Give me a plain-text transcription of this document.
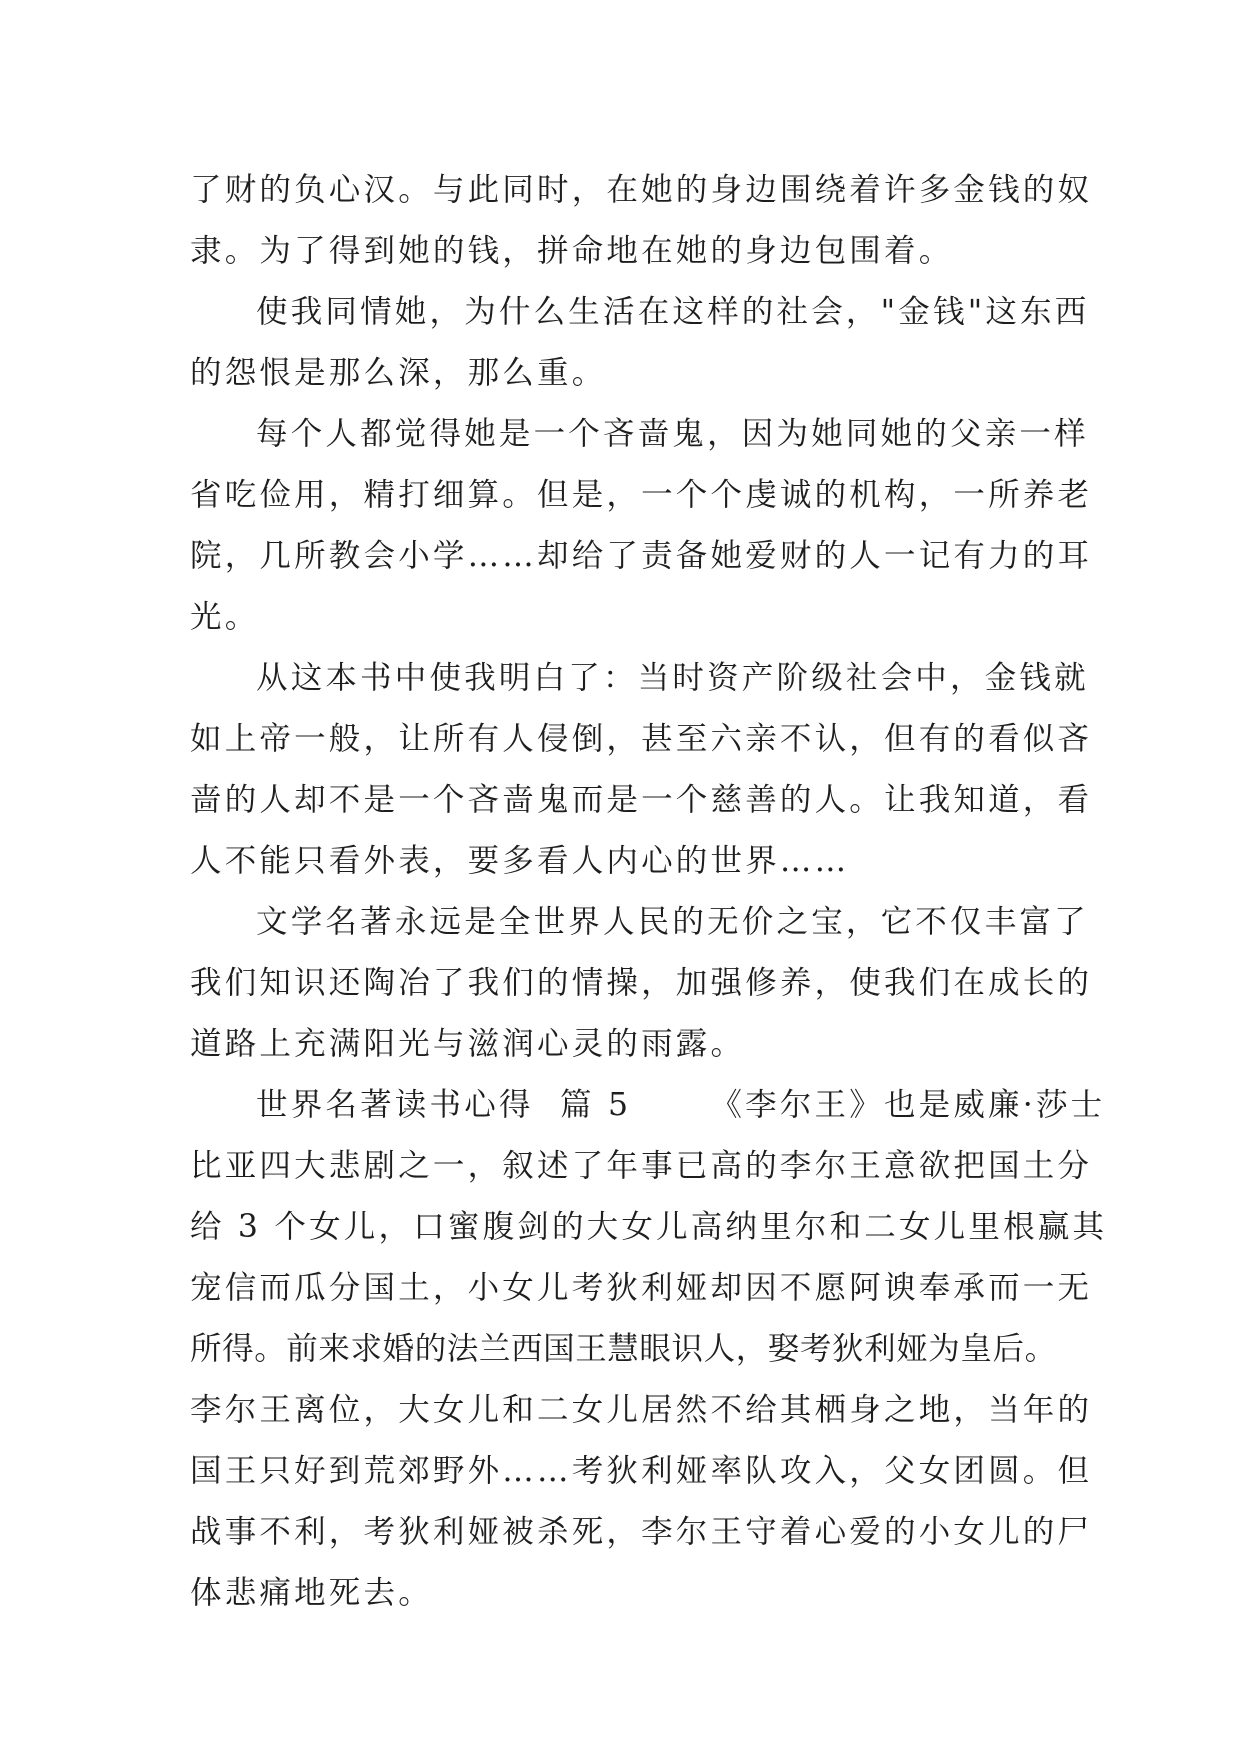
了财的负心汉。与此同时，在她的身边围绕着许多金钱的奴
隶。为了得到她的钱，拼命地在她的身边包围着。
使我同情她，为什么生活在这样的社会，"金钱"这东西
的怨恨是那么深，那么重。
每个人都觉得她是一个吝啬鬼，因为她同她的父亲一样
省吃俭用，精打细算。但是，一个个虔诚的机构，一所养老
院，几所教会小学……却给了责备她爱财的人一记有力的耳
光。
从这本书中使我明白了：当时资产阶级社会中，金钱就
如上帝一般，让所有人侵倒，甚至六亲不认，但有的看似吝
啬的人却不是一个吝啬鬼而是一个慈善的人。让我知道，看
人不能只看外表，要多看人内心的世界……
文学名著永远是全世界人民的无价之宝，它不仅丰富了
我们知识还陶冶了我们的情操，加强修养，使我们在成长的
道路上充满阳光与滋润心灵的雨露。
世界名著读书心得  篇 5      《李尔王》也是威廉·莎士
比亚四大悲剧之一，叙述了年事已高的李尔王意欲把国土分
给 3 个女儿，口蜜腹剑的大女儿高纳里尔和二女儿里根赢其
宠信而瓜分国土，小女儿考狄利娅却因不愿阿谀奉承而一无
所得。前来求婚的法兰西国王慧眼识人，娶考狄利娅为皇后。
李尔王离位，大女儿和二女儿居然不给其栖身之地，当年的
国王只好到荒郊野外……考狄利娅率队攻入，父女团圆。但
战事不利，考狄利娅被杀死，李尔王守着心爱的小女儿的尸
体悲痛地死去。
